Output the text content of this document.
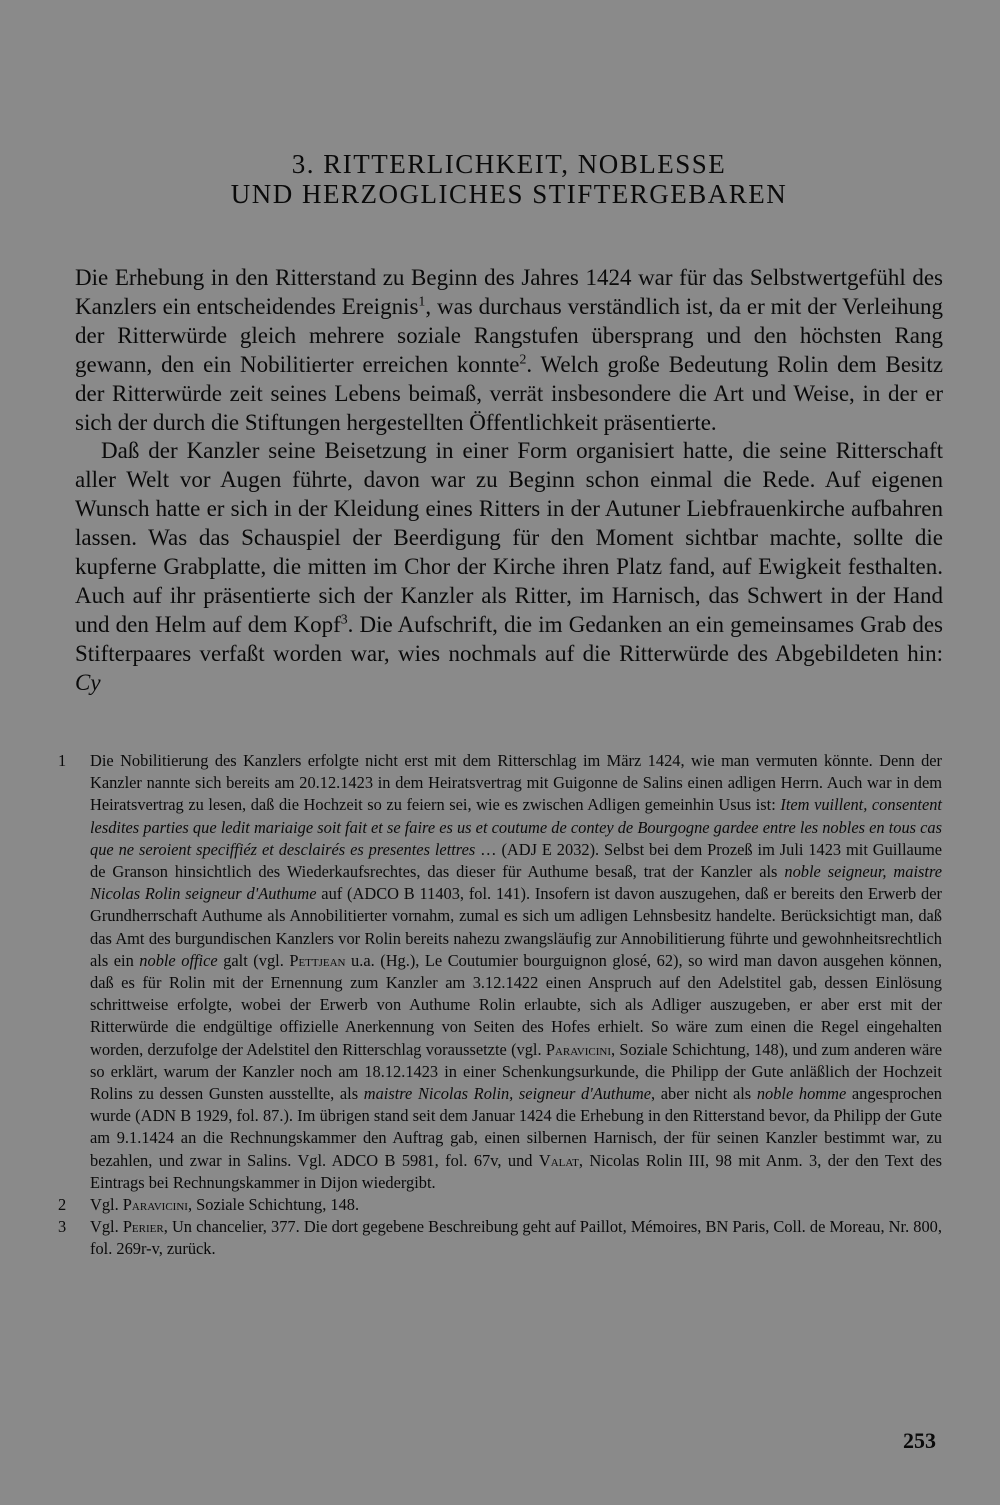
3. RITTERLICHKEIT, NOBLESSE
UND HERZOGLICHES STIFTERGEBAREN

Die Erhebung in den Ritterstand zu Beginn des Jahres 1424 war für das Selbstwertgefühl des Kanzlers ein entscheidendes Ereignis$^1$, was durchaus verständlich ist, da er mit der Verleihung der Ritterwürde gleich mehrere soziale Rangstufen übersprang und den höchsten Rang gewann, den ein Nobilitierter erreichen konnte$^2$. Welch große Bedeutung Rolin dem Besitz der Ritterwürde zeit seines Lebens beimaß, verrät insbesondere die Art und Weise, in der er sich der durch die Stiftungen hergestellten Öffentlichkeit präsentierte.

Daß der Kanzler seine Beisetzung in einer Form organisiert hatte, die seine Ritterschaft aller Welt vor Augen führte, davon war zu Beginn schon einmal die Rede. Auf eigenen Wunsch hatte er sich in der Kleidung eines Ritters in der Autuner Liebfrauenkirche aufbahren lassen. Was das Schauspiel der Beerdigung für den Moment sichtbar machte, sollte die kupferne Grabplatte, die mitten im Chor der Kirche ihren Platz fand, auf Ewigkeit festhalten. Auch auf ihr präsentierte sich der Kanzler als Ritter, im Harnisch, das Schwert in der Hand und den Helm auf dem Kopf$^3$. Die Aufschrift, die im Gedanken an ein gemeinsames Grab des Stifterpaares verfaßt worden war, wies nochmals auf die Ritterwürde des Abgebildeten hin: Cy

1	Die Nobilitierung des Kanzlers erfolgte nicht erst mit dem Ritterschlag im März 1424, wie man vermuten könnte. Denn der Kanzler nannte sich bereits am 20.12.1423 in dem Heiratsvertrag mit Guigonne de Salins einen adligen Herrn. Auch war in dem Heiratsvertrag zu lesen, daß die Hochzeit so zu feiern sei, wie es zwischen Adligen gemeinhin Usus ist: Item vuillent, consentent lesdites parties que ledit mariaige soit fait et se faire es us et coutume de contey de Bourgogne gardee entre les nobles en tous cas que ne seroient speciffiéz et desclairés es presentes lettres … (ADJ E 2032). Selbst bei dem Prozeß im Juli 1423 mit Guillaume de Granson hinsichtlich des Wiederkaufsrechtes, das dieser für Authume besaß, trat der Kanzler als noble seigneur, maistre Nicolas Rolin seigneur d'Authume auf (ADCO B 11403, fol. 141). Insofern ist davon auszugehen, daß er bereits den Erwerb der Grundherrschaft Authume als Annobilitierter vornahm, zumal es sich um adligen Lehnsbesitz handelte. Berücksichtigt man, daß das Amt des burgundischen Kanzlers vor Rolin bereits nahezu zwangsläufig zur Annobilitierung führte und gewohnheitsrechtlich als ein noble office galt (vgl. Pettjean u.a. (Hg.), Le Coutumier bourguignon glosé, 62), so wird man davon ausgehen können, daß es für Rolin mit der Ernennung zum Kanzler am 3.12.1422 einen Anspruch auf den Adelstitel gab, dessen Einlösung schrittweise erfolgte, wobei der Erwerb von Authume Rolin erlaubte, sich als Adliger auszugeben, er aber erst mit der Ritterwürde die endgültige offizielle Anerkennung von Seiten des Hofes erhielt. So wäre zum einen die Regel eingehalten worden, derzufolge der Adelstitel den Ritterschlag voraussetzte (vgl. Paravicini, Soziale Schichtung, 148), und zum anderen wäre so erklärt, warum der Kanzler noch am 18.12.1423 in einer Schenkungsurkunde, die Philipp der Gute anläßlich der Hochzeit Rolins zu dessen Gunsten ausstellte, als maistre Nicolas Rolin, seigneur d'Authume, aber nicht als noble homme angesprochen wurde (ADN B 1929, fol. 87.). Im übrigen stand seit dem Januar 1424 die Erhebung in den Ritterstand bevor, da Philipp der Gute am 9.1.1424 an die Rechnungskammer den Auftrag gab, einen silbernen Harnisch, der für seinen Kanzler bestimmt war, zu bezahlen, und zwar in Salins. Vgl. ADCO B 5981, fol. 67v, und Valat, Nicolas Rolin III, 98 mit Anm. 3, der den Text des Eintrags bei Rechnungskammer in Dijon wiedergibt.
2	Vgl. Paravicini, Soziale Schichtung, 148.
3	Vgl. Perier, Un chancelier, 377. Die dort gegebene Beschreibung geht auf Paillot, Mémoires, BN Paris, Coll. de Moreau, Nr. 800, fol. 269r-v, zurück.
253
